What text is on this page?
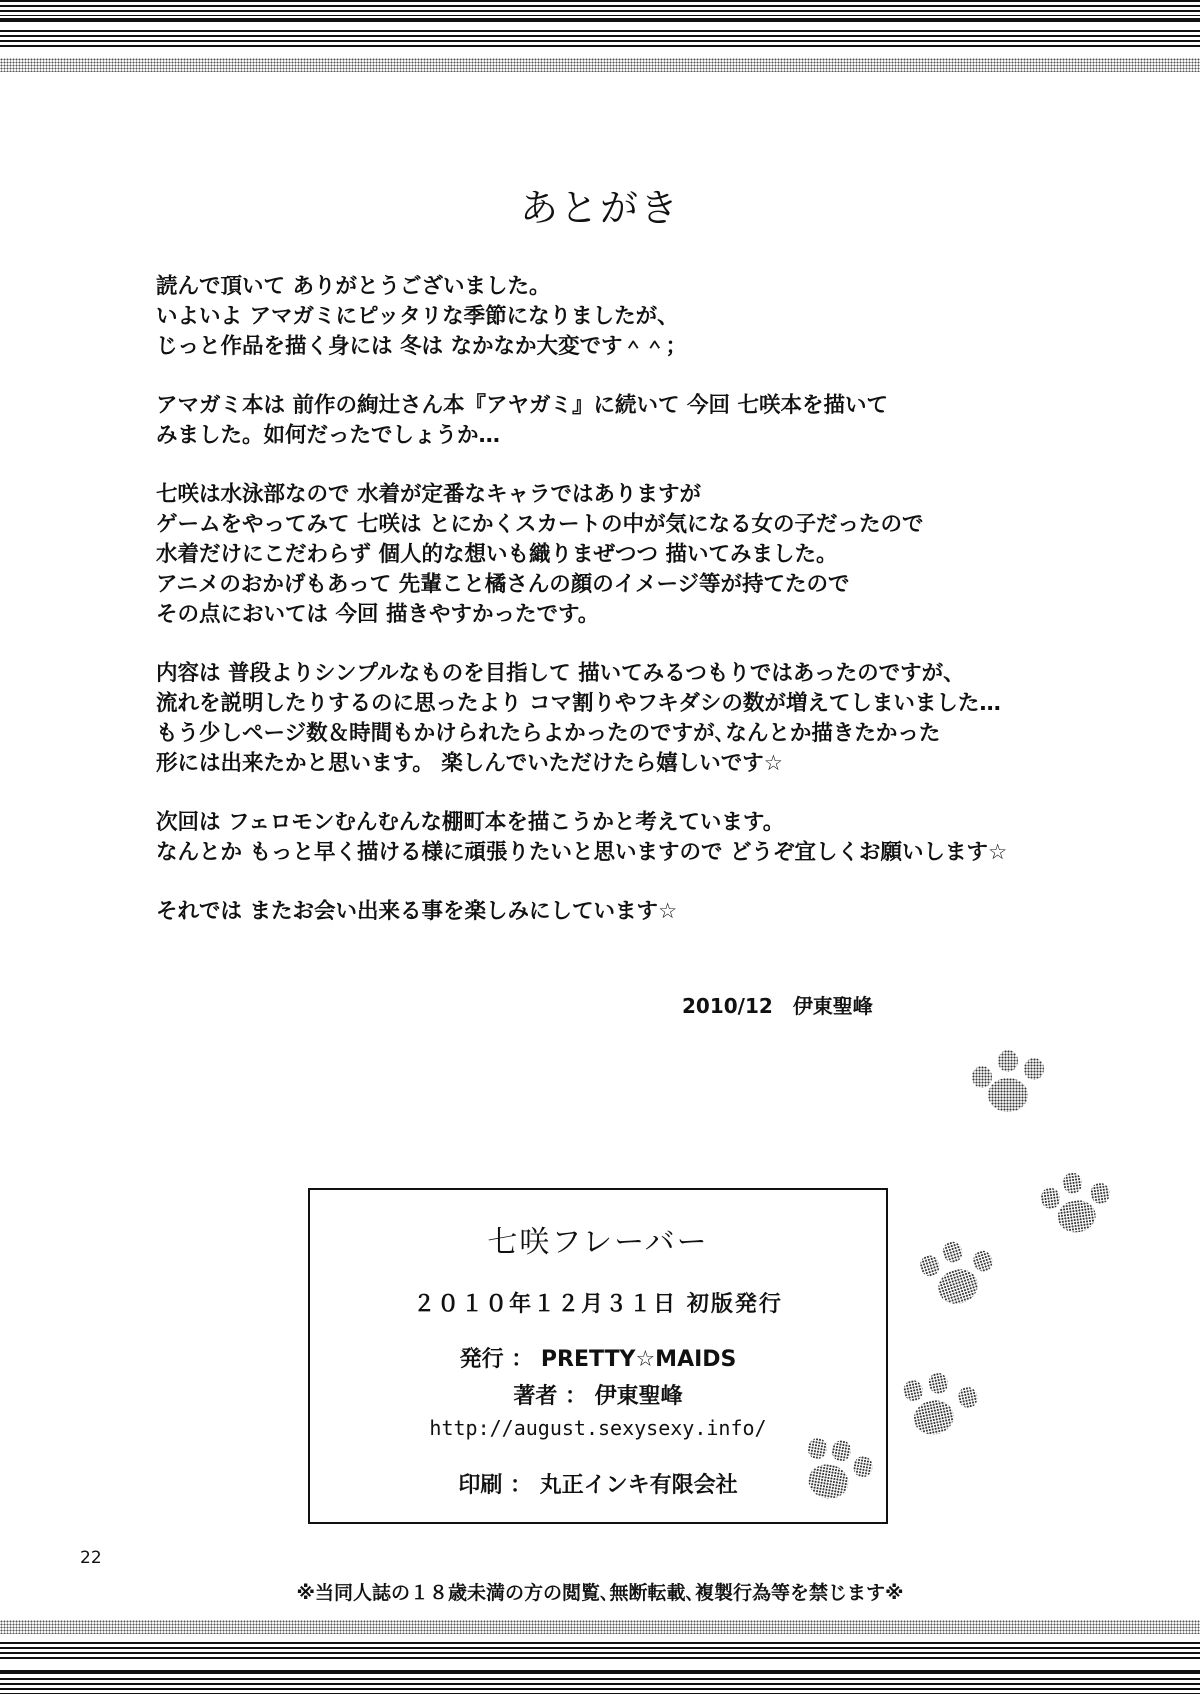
あとがき
読んで頂いて ありがとうございました。
いよいよ アマガミにピッタリな季節になりましたが、
じっと作品を描く身には 冬は なかなか大変です＾＾；
アマガミ本は 前作の絢辻さん本『アヤガミ』に続いて 今回 七咲本を描いて
みました。如何だったでしょうか…
七咲は水泳部なので 水着が定番なキャラではありますが
ゲームをやってみて 七咲は とにかくスカートの中が気になる女の子だったので
水着だけにこだわらず 個人的な想いも織りまぜつつ 描いてみました。
アニメのおかげもあって 先輩こと橘さんの顔のイメージ等が持てたので
その点においては 今回 描きやすかったです。
内容は 普段よりシンプルなものを目指して 描いてみるつもりではあったのですが、
流れを説明したりするのに思ったより コマ割りやフキダシの数が増えてしまいました…
もう少しページ数＆時間もかけられたらよかったのですが､なんとか描きたかった
形には出来たかと思います。 楽しんでいただけたら嬉しいです☆
次回は フェロモンむんむんな棚町本を描こうかと考えています。
なんとか もっと早く描ける様に頑張りたいと思いますので どうぞ宜しくお願いします☆
それでは またお会い出来る事を楽しみにしています☆
2010/12 伊東聖峰
七咲フレーバー
２０１０年１２月３１日 初版発行
発行 ： PRETTY☆MAIDS
著者 ： 伊東聖峰
http://august.sexysexy.info/
印刷 ： 丸正インキ有限会社
22
※当同人誌の１８歳未満の方の閲覧､無断転載､複製行為等を禁じます※
